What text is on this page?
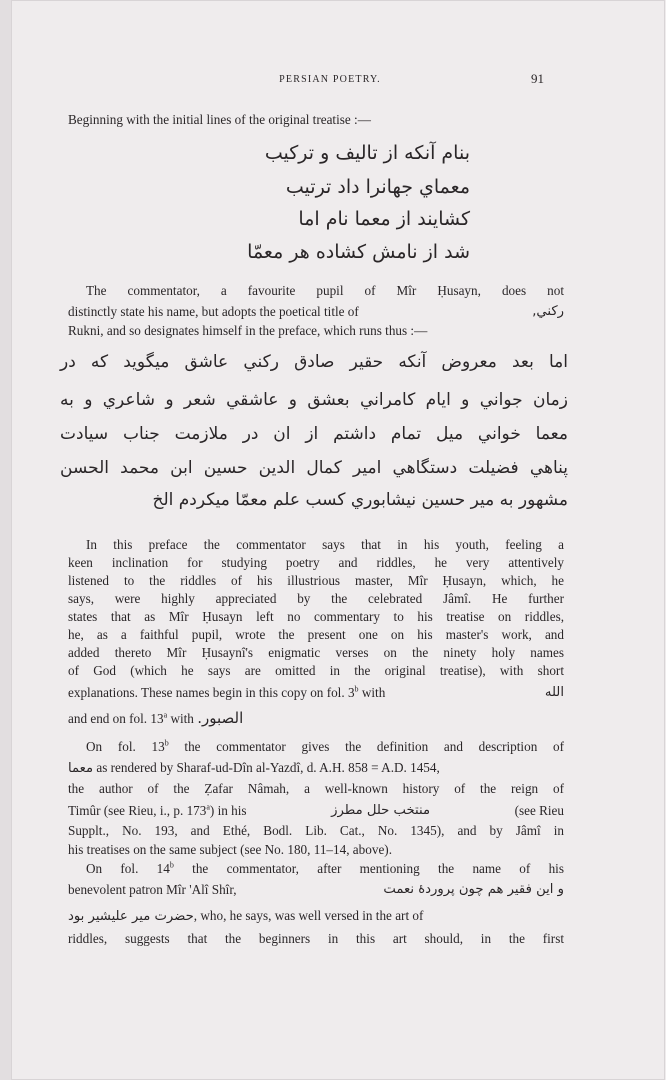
PERSIAN POETRY.	91
Beginning with the initial lines of the original treatise :—
بنام آنكه از تاليف و تركيب
معماي جهانرا داد ترتيب
كشايند از معما نام اما
شد از نامش كشاده هر معمّا
The commentator, a favourite pupil of Mîr Ḥusayn, does not
distinctly state his name, but adopts the poetical title of	ركني,
Rukni, and so designates himself in the preface, which runs thus :—
اما بعد معروض آنكه حقير صادق ركني عاشق ميگويد كه در
زمان جواني و ايام كامراني بعشق و عاشقي شعر و شاعري و به
معما خواني ميل تمام داشتم از ان در ملازمت جناب سيادت
پناهي فضيلت دستگاهي امير كمال الدين حسين ابن محمد الحسن
مشهور به مير حسين نيشابوري كسب علم معمّا ميكردم الخ
In this preface the commentator says that in his youth, feeling a
keen inclination for studying poetry and riddles, he very attentively
listened to the riddles of his illustrious master, Mîr Ḥusayn, which, he
says, were highly appreciated by the celebrated Jâmî. He further
states that as Mîr Ḥusayn left no commentary to his treatise on riddles,
he, as a faithful pupil, wrote the present one on his master's work, and
added thereto Mîr Ḥusaynî's enigmatic verses on the ninety holy names
of God (which he says are omitted in the original treatise), with short
explanations. These names begin in this copy on fol. 3$^b$ with	الله
and end on fol. 13$^a$ with الصبور.
On fol. 13$^b$ the commentator gives the definition and description of
معما as rendered by Sharaf-ud-Dîn al-Yazdî, d. A.H. 858 = A.D. 1454,
the author of the Ẓafar Nâmah, a well-known history of the reign of
Timûr (see Rieu, i., p. 173$^a$) in his	منتخب حلل مطرز	(see Rieu
Supplt., No. 193, and Ethé, Bodl. Lib. Cat., No. 1345), and by Jâmî in
his treatises on the same subject (see No. 180, 11–14, above).
On fol. 14$^b$ the commentator, after mentioning the name of his
benevolent patron Mîr 'Alî Shîr,	و اين فقير هم چون پروردۀ نعمت
حضرت مير عليشير بود, who, he says, was well versed in the art of
riddles, suggests that the beginners in this art should, in the first
